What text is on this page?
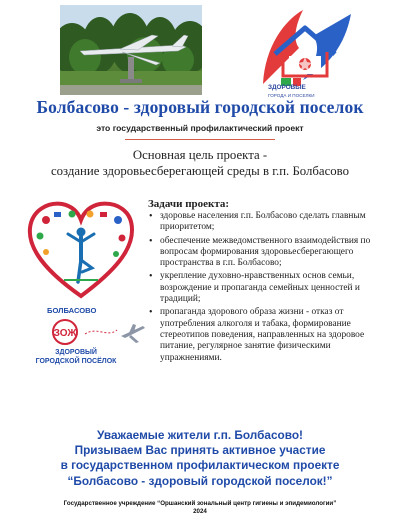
ЗДОРОВЫЕ
ГОРОДА И ПОСЕЛКИ
Болбасово - здоровый городской поселок
это государственный профилактический проект
Основная цель проекта -
создание здоровьесберегающей среды в г.п. Болбасово
БОЛБАСОВО
ЗОЖ
ЗДОРОВЫЙ ГОРОДСКОЙ ПОСЁЛОК
Задачи проекта:
• здоровье населения г.п. Болбасово сделать главным приоритетом;
• обеспечение межведомственного взаимодействия по вопросам формирования здоровьесберегающего пространства в г.п. Болбасово;
• укрепление духовно-нравственных основ семьи, возрождение и пропаганда семейных ценностей и традиций;
• пропаганда здорового образа жизни - отказ от употребления алкоголя и табака, формирование стереотипов поведения, направленных на здоровое питание, регулярное занятие физическими упражнениями.
Уважаемые жители г.п. Болбасово!
Призываем Вас принять активное участие
в государственном профилактическом проекте
“Болбасово - здоровый городской поселок!”
Государственное учреждение “Оршанский зональный центр гигиены и эпидемиологии”
2024
